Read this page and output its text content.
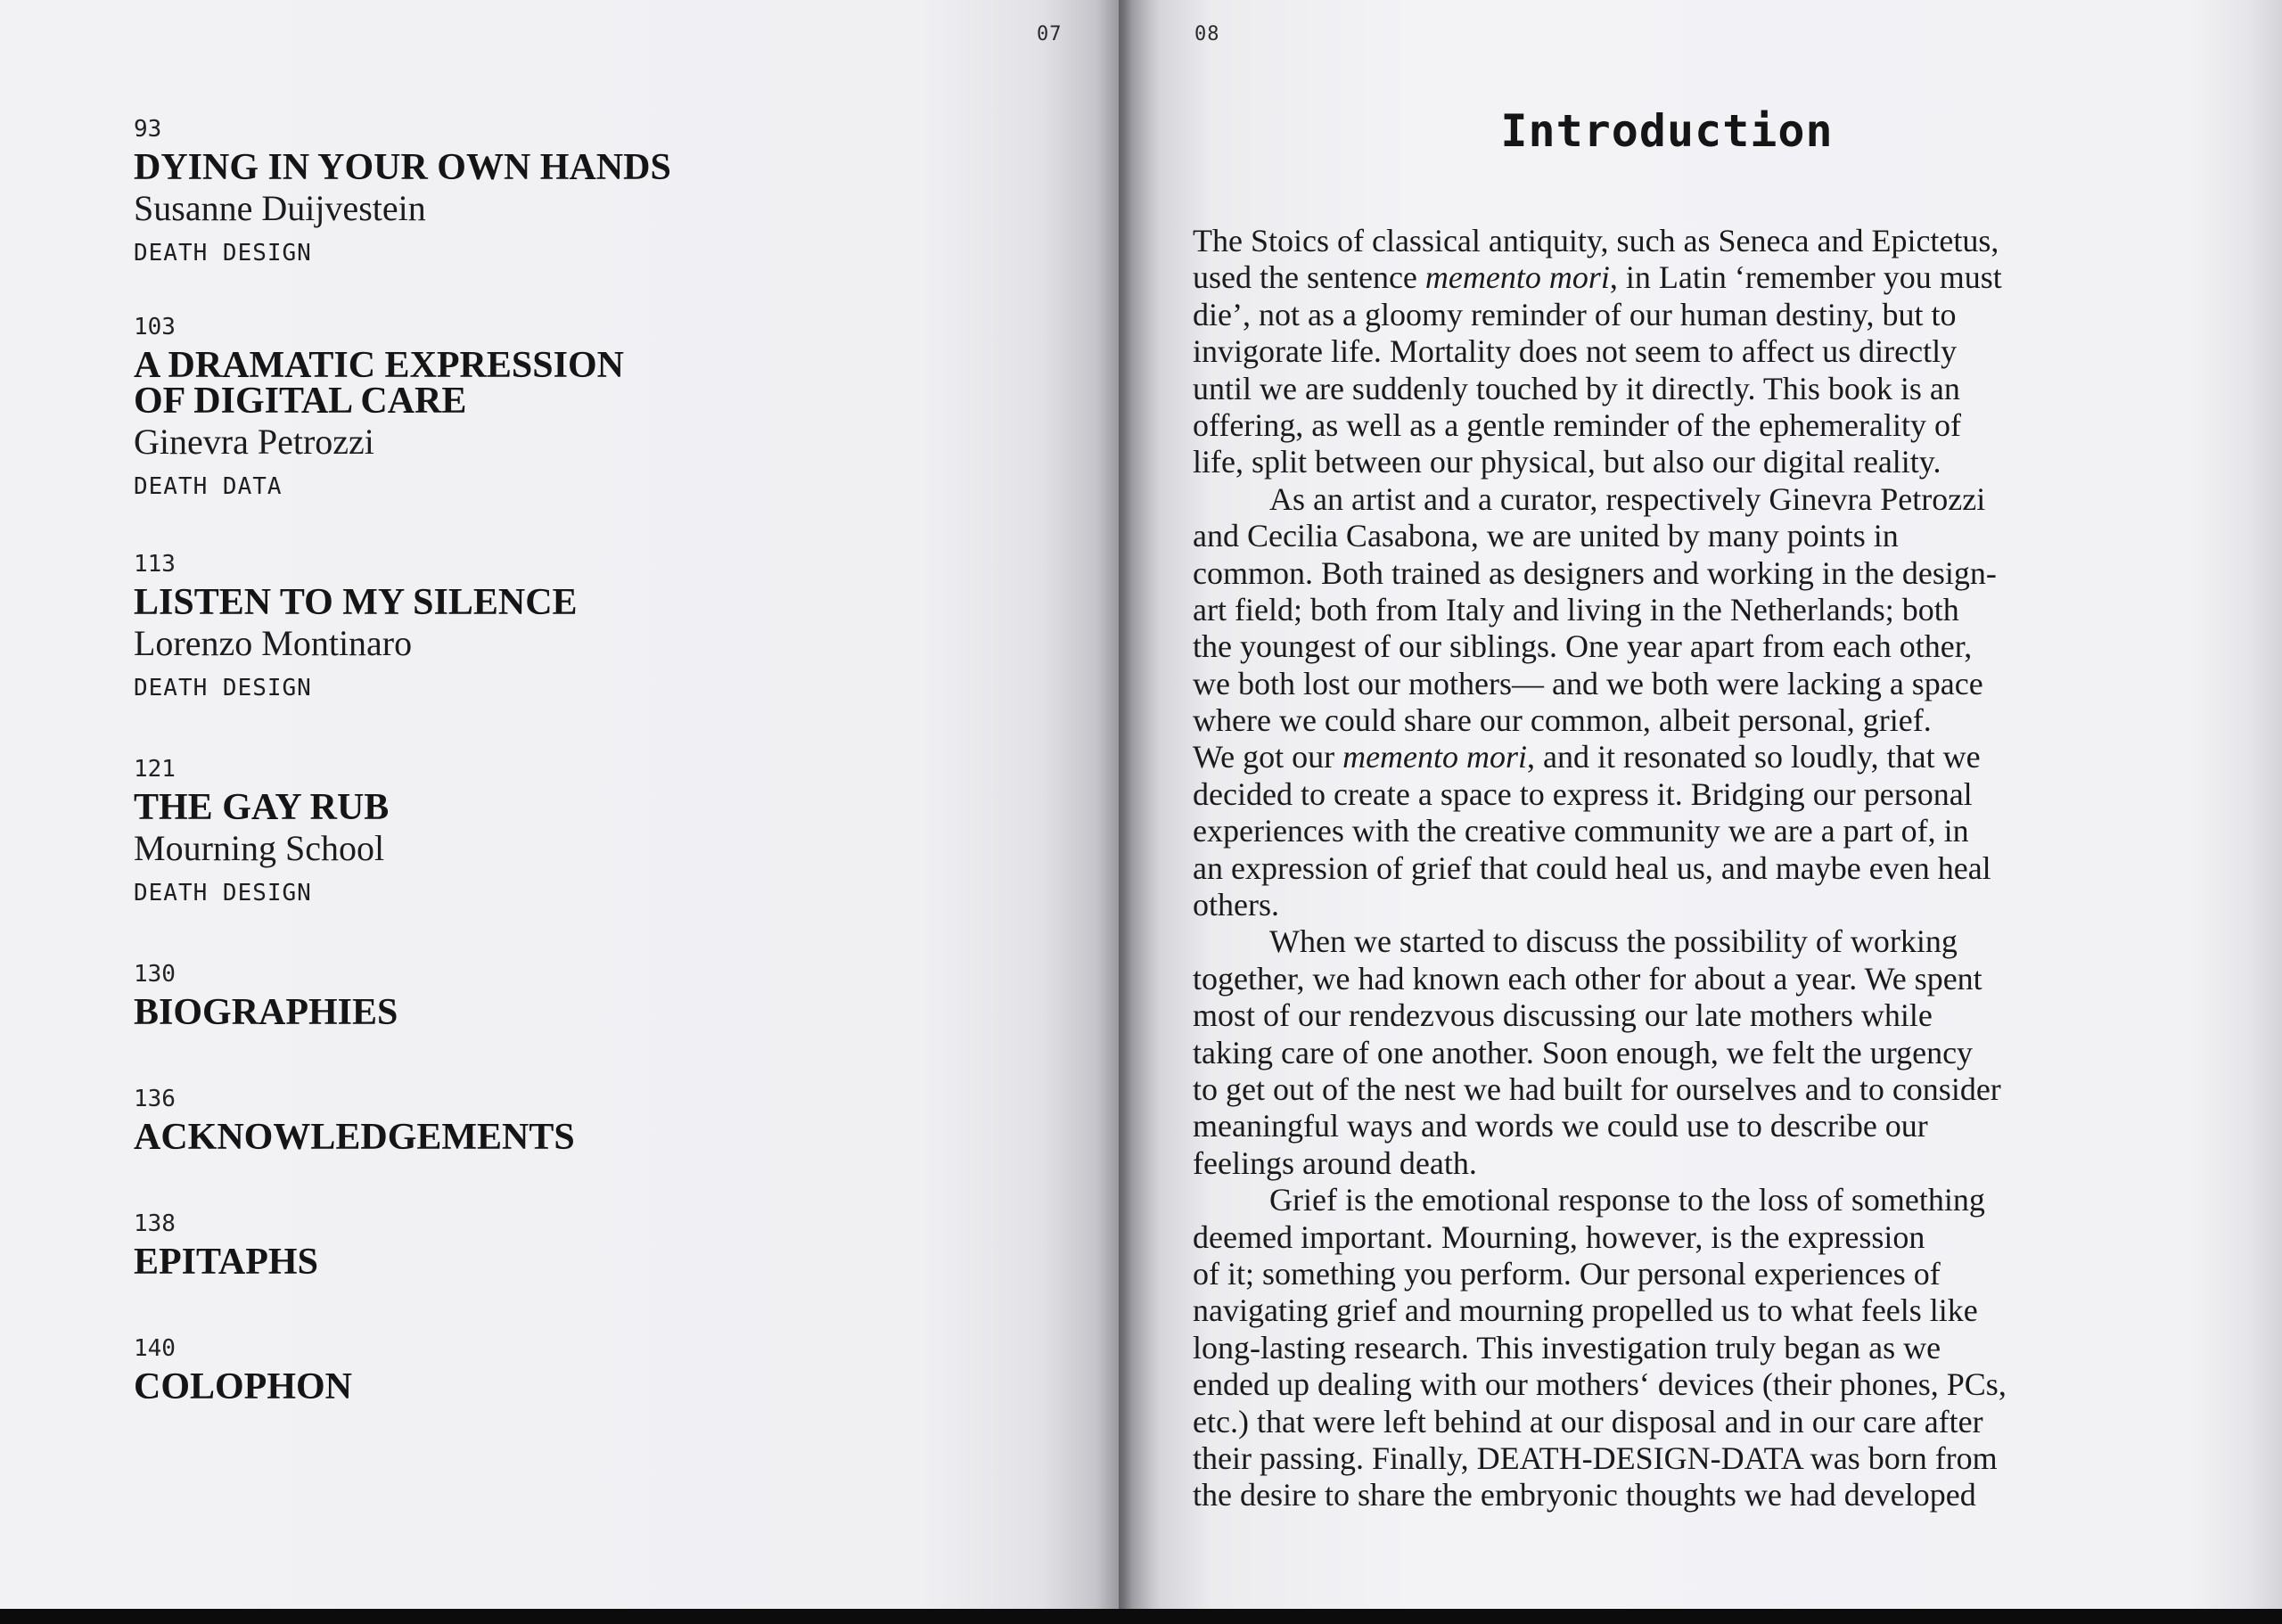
07	08
93
DYING IN YOUR OWN HANDS
Susanne Duijvestein
DEATH DESIGN
103
A DRAMATIC EXPRESSION
OF DIGITAL CARE
Ginevra Petrozzi
DEATH DATA
113
LISTEN TO MY SILENCE
Lorenzo Montinaro
DEATH DESIGN
121
THE GAY RUB
Mourning School
DEATH DESIGN
130
BIOGRAPHIES
136
ACKNOWLEDGEMENTS
138
EPITAPHS
140
COLOPHON
Introduction
The Stoics of classical antiquity, such as Seneca and Epictetus,
used the sentence memento mori, in Latin ‘remember you must
die’, not as a gloomy reminder of our human destiny, but to
invigorate life. Mortality does not seem to affect us directly
until we are suddenly touched by it directly. This book is an
offering, as well as a gentle reminder of the ephemerality of
life, split between our physical, but also our digital reality.
As an artist and a curator, respectively Ginevra Petrozzi
and Cecilia Casabona, we are united by many points in
common. Both trained as designers and working in the design-
art field; both from Italy and living in the Netherlands; both
the youngest of our siblings. One year apart from each other,
we both lost our mothers— and we both were lacking a space
where we could share our common, albeit personal, grief.
We got our memento mori, and it resonated so loudly, that we
decided to create a space to express it. Bridging our personal
experiences with the creative community we are a part of, in
an expression of grief that could heal us, and maybe even heal
others.
When we started to discuss the possibility of working
together, we had known each other for about a year. We spent
most of our rendezvous discussing our late mothers while
taking care of one another. Soon enough, we felt the urgency
to get out of the nest we had built for ourselves and to consider
meaningful ways and words we could use to describe our
feelings around death.
Grief is the emotional response to the loss of something
deemed important. Mourning, however, is the expression
of it; something you perform. Our personal experiences of
navigating grief and mourning propelled us to what feels like
long-lasting research. This investigation truly began as we
ended up dealing with our mothers‘ devices (their phones, PCs,
etc.) that were left behind at our disposal and in our care after
their passing. Finally, DEATH-DESIGN-DATA was born from
the desire to share the embryonic thoughts we had developed
